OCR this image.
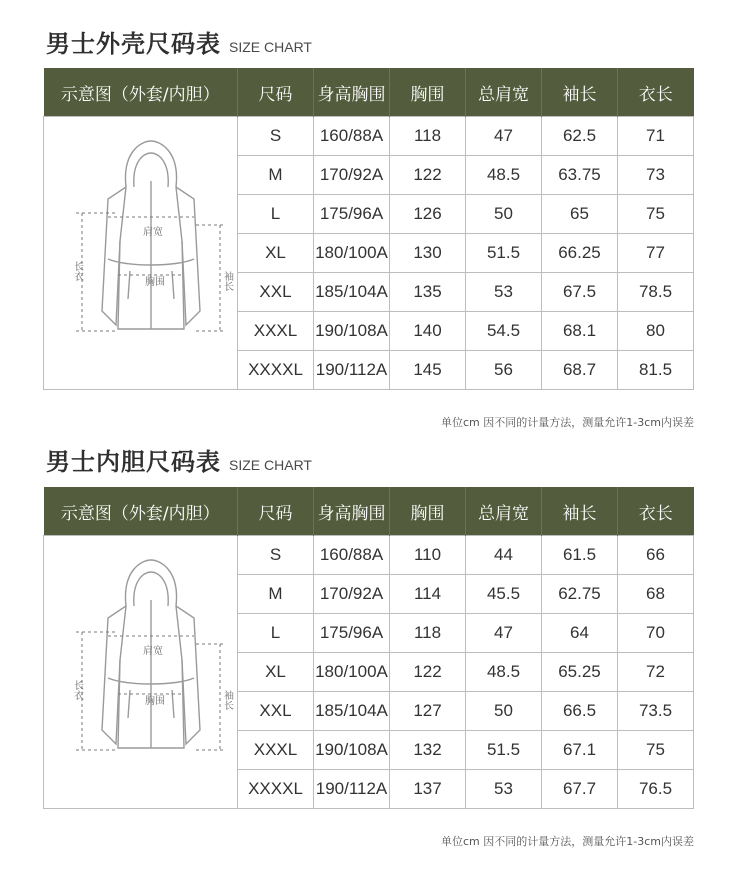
男士外壳尺码表 SIZE CHART
示意图（外套/内胆）	尺码	身高胸围	胸围	总肩宽	袖长	衣长

肩宽
胸围
长衣 袖长	S	160/88A	118	47	62.5	71
	M	170/92A	122	48.5	63.75	73
	L	175/96A	126	50	65	75
	XL	180/100A	130	51.5	66.25	77
	XXL	185/104A	135	53	67.5	78.5
	XXXL	190/108A	140	54.5	68.1	80
	XXXXL	190/112A	145	56	68.7	81.5
单位cm 因不同的计量方法，测量允许1-3cm内误差
男士内胆尺码表 SIZE CHART
示意图（外套/内胆）	尺码	身高胸围	胸围	总肩宽	袖长	衣长

肩宽
胸围
长衣 袖长	S	160/88A	110	44	61.5	66
	M	170/92A	114	45.5	62.75	68
	L	175/96A	118	47	64	70
	XL	180/100A	122	48.5	65.25	72
	XXL	185/104A	127	50	66.5	73.5
	XXXL	190/108A	132	51.5	67.1	75
	XXXXL	190/112A	137	53	67.7	76.5
单位cm 因不同的计量方法，测量允许1-3cm内误差
